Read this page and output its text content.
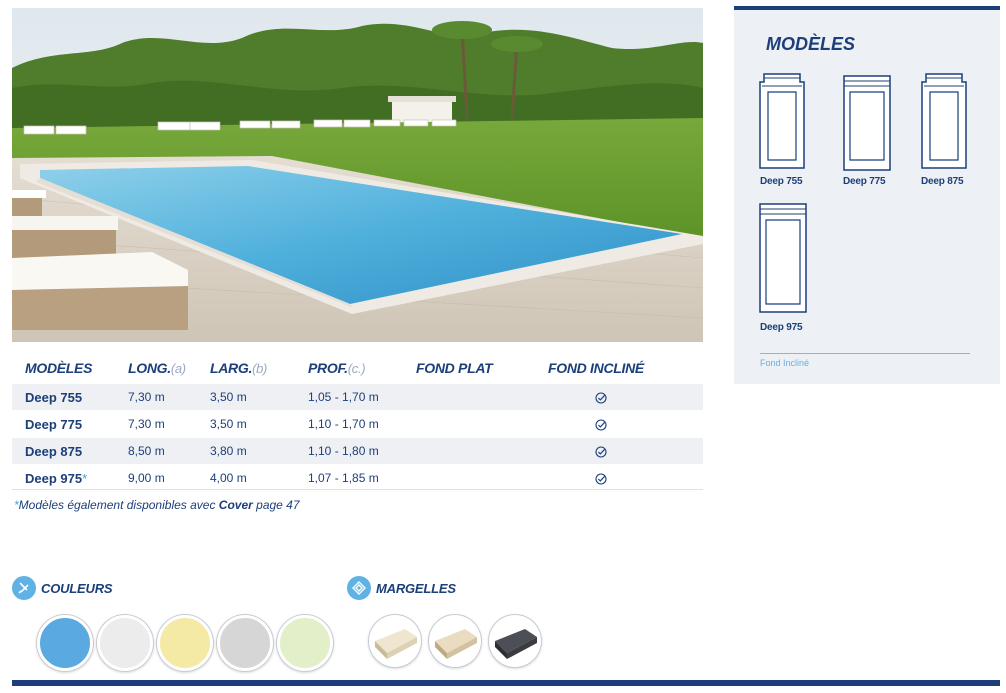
MODÈLES	LONG.(a)	LARG.(b)	PROF.(c.)	FOND PLAT	FOND INCLINÉ
Deep 755	7,30 m	3,50 m	1,05 - 1,70 m		
Deep 775	7,30 m	3,50 m	1,10 - 1,70 m		
Deep 875	8,50 m	3,80 m	1,10 - 1,80 m		
Deep 975*	9,00 m	4,00 m	1,07 - 1,85 m		
*Modèles également disponibles avec Cover page 47
MODÈLES
Deep 755	Deep 775	Deep 875
Deep 975
Fond Incliné
COULEURS	MARGELLES
